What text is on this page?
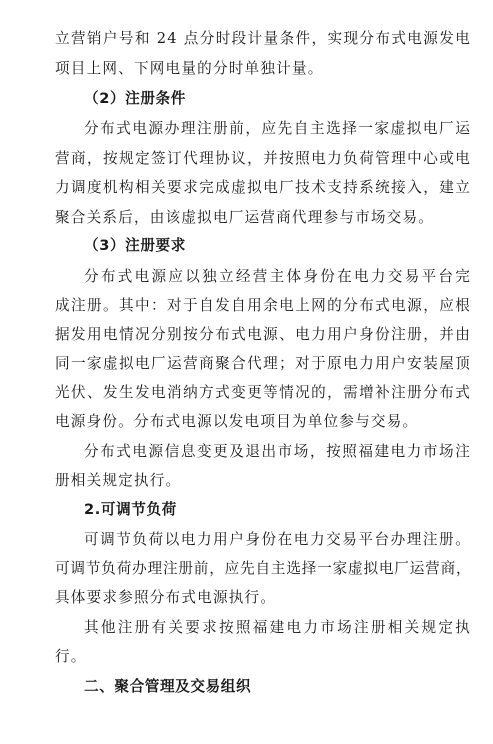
立营销户号和 24 点分时段计量条件，实现分布式电源发电
项目上网、下网电量的分时单独计量。
（2）注册条件
分布式电源办理注册前，应先自主选择一家虚拟电厂运
营商，按规定签订代理协议，并按照电力负荷管理中心或电
力调度机构相关要求完成虚拟电厂技术支持系统接入，建立
聚合关系后，由该虚拟电厂运营商代理参与市场交易。
（3）注册要求
分布式电源应以独立经营主体身份在电力交易平台完
成注册。其中：对于自发自用余电上网的分布式电源，应根
据发用电情况分别按分布式电源、电力用户身份注册，并由
同一家虚拟电厂运营商聚合代理；对于原电力用户安装屋顶
光伏、发生发电消纳方式变更等情况的，需增补注册分布式
电源身份。分布式电源以发电项目为单位参与交易。
分布式电源信息变更及退出市场，按照福建电力市场注
册相关规定执行。
2.可调节负荷
可调节负荷以电力用户身份在电力交易平台办理注册。
可调节负荷办理注册前，应先自主选择一家虚拟电厂运营商，
具体要求参照分布式电源执行。
其他注册有关要求按照福建电力市场注册相关规定执
行。
二、聚合管理及交易组织
